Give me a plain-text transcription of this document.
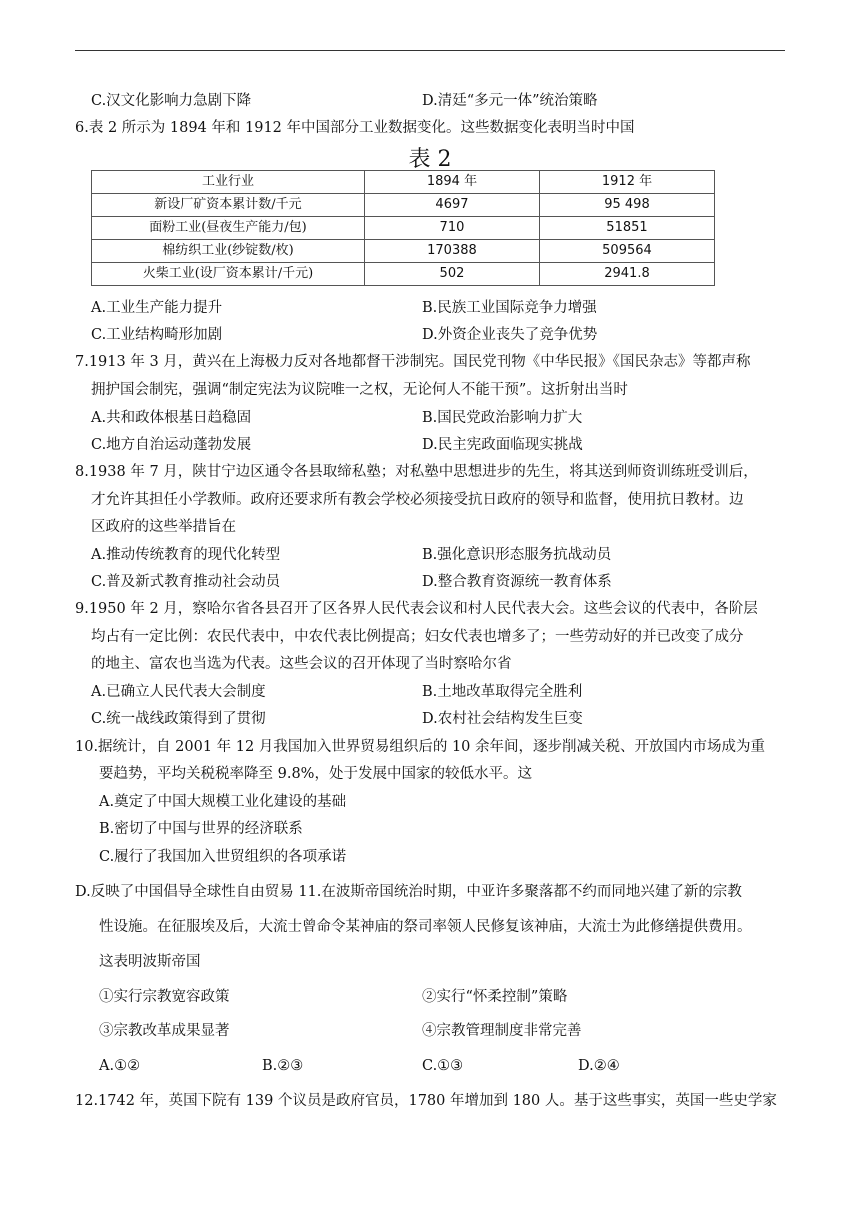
C.汉文化影响力急剧下降	D.清廷“多元一体”统治策略
6.表 2 所示为 1894 年和 1912 年中国部分工业数据变化。这些数据变化表明当时中国
表 2
工业行业	1894 年	1912 年
新设厂矿资本累计数/千元	4697	95 498
面粉工业(昼夜生产能力/包)	710	51851
棉纺织工业(纱锭数/枚)	170388	509564
火柴工业(设厂资本累计/千元)	502	2941.8
A.工业生产能力提升	B.民族工业国际竞争力增强
C.工业结构畸形加剧	D.外资企业丧失了竞争优势
7.1913 年 3 月，黄兴在上海极力反对各地都督干涉制宪。国民党刊物《中华民报》《国民杂志》等都声称
拥护国会制宪，强调“制定宪法为议院唯一之权，无论何人不能干预”。这折射出当时
A.共和政体根基日趋稳固	B.国民党政治影响力扩大
C.地方自治运动蓬勃发展	D.民主宪政面临现实挑战
8.1938 年 7 月，陕甘宁边区通令各县取缔私塾；对私塾中思想进步的先生，将其送到师资训练班受训后，
才允许其担任小学教师。政府还要求所有教会学校必须接受抗日政府的领导和监督，使用抗日教材。边
区政府的这些举措旨在
A.推动传统教育的现代化转型	B.强化意识形态服务抗战动员
C.普及新式教育推动社会动员	D.整合教育资源统一教育体系
9.1950 年 2 月，察哈尔省各县召开了区各界人民代表会议和村人民代表大会。这些会议的代表中，各阶层
均占有一定比例：农民代表中，中农代表比例提高；妇女代表也增多了；一些劳动好的并已改变了成分
的地主、富农也当选为代表。这些会议的召开体现了当时察哈尔省
A.已确立人民代表大会制度	B.土地改革取得完全胜利
C.统一战线政策得到了贯彻	D.农村社会结构发生巨变
10.据统计，自 2001 年 12 月我国加入世界贸易组织后的 10 余年间，逐步削减关税、开放国内市场成为重
要趋势，平均关税税率降至 9.8%，处于发展中国家的较低水平。这
A.奠定了中国大规模工业化建设的基础
B.密切了中国与世界的经济联系
C.履行了我国加入世贸组织的各项承诺
D.反映了中国倡导全球性自由贸易 11.在波斯帝国统治时期，中亚许多聚落都不约而同地兴建了新的宗教
性设施。在征服埃及后，大流士曾命令某神庙的祭司率领人民修复该神庙，大流士为此修缮提供费用。
这表明波斯帝国
①实行宗教宽容政策	②实行“怀柔控制”策略
③宗教改革成果显著	④宗教管理制度非常完善
A.①②	B.②③	C.①③	D.②④
12.1742 年，英国下院有 139 个议员是政府官员，1780 年增加到 180 人。基于这些事实，英国一些史学家
